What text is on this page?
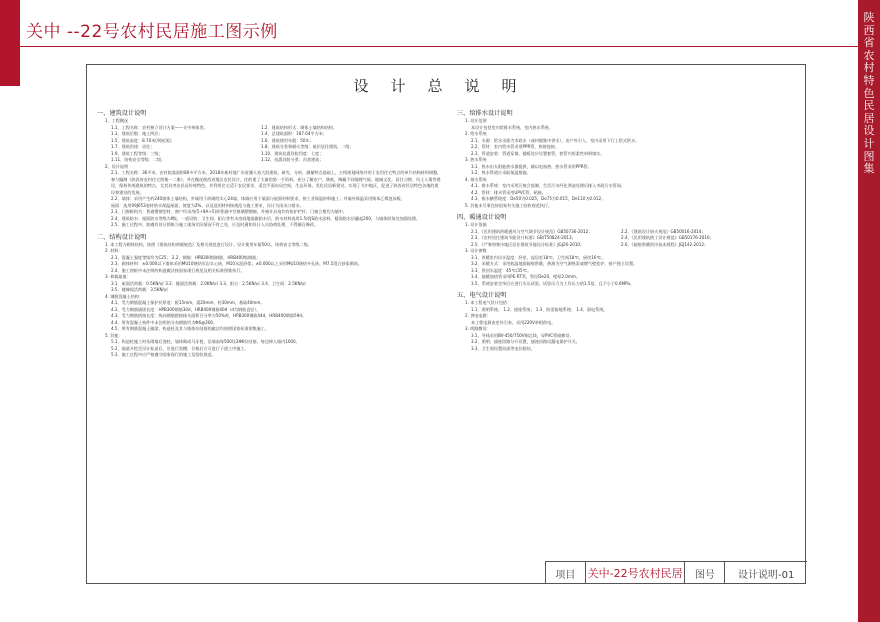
关中 --22号农村民居施工图示例
陕西省农村特色民居设计图集
设计总说明
一、建筑设计说明
1、工程概况
1.1、工程名称：农村独立设计方案——关中单体类；	1.2、建筑结构形式：砌体土墙结构结构；
1.3、建筑层数：地上两层；	1.4、总建筑面积：187.64平方米；
1.5、建筑高度：8.70米(到屋顶)；	1.6、建筑使用年限：50年；
1.7、建筑用途：居住；	1.8、建筑分类和耐火等级：低层居住建筑，二级；
1.9、建筑工程等级：三级；	1.10、建筑抗震设防烈度：七度；
1.11、结构安全等级：二级；	1.12、抗震设防分类：丙类建筑；
2、设计说明
2.1、工程名称：36平米。农村院落面积80多平方米，2018年新村地广东省潮人家大院建筑，研究，分析，测量特点基础上，主线规划网络并用于农用住宅特点的单片结构材料调整，参与编制《陕西省农村住宅图集一二册》，并在概况陕西省地区农民设计，住的重了大量的第一手资料，充分了解农户，降低，陶藏不同地理气候，地域文化，居住习惯，风土人情等建设，保持传统建筑的特点，尤其具突出民居传统特色，并利用住宅适于农民要求，适宜平面布局空间，生态环保，美化民居新建设，实现了关中地区，促进了陕西省民居特色各地的建设和建设的发展。
2.2、墙体：采用产生的240墙体土墙结构，外墙用于砖砌的实心24墙，体墙应用于墙面与屋面材料要求，按工业保温材料施工；外墙外保温采用聚苯乙烯泡沫板。
屋面：选用09J053卷材防水保温屋面，坡度为2%，以及选用材料按规范与施工要求，设计为雨水口排水。
2.3、门窗框料为：普通塑钢型材，窗户均采用(5+9A+5)厚普通中空玻璃塑钢窗，外窗开启扇均有防护栏杆，门窗立樘均为墙中。
2.4、建筑防水：屋面防水等级为Ⅱ级，一道设防；卫生间、阳台等有水房间地面做防水层，防水材料选用1.5厚JS防水涂料，楼面防水层翻起200，与墙体阴角处加强处理。
2.5、施工过程中，如遇有设计图纸与施工现场实际情况不符之处，应及时通知设计人员协商处理，不得擅自修改。
二、结构设计说明
1. 本工程为砌体结构，按照《建筑结构荷载规范》及相关规范进行设计。设计使用年限50年，结构安全等级二级。
2. 材料：
2.1、混凝土强度等级均为C25； 2.2、钢筋：HPB300级钢筋，HRB400级钢筋；
2.3、砌体材料：±0.000以下墙体采用MU10烧结页岩实心砖，M10水泥砂浆；±0.000以上采用MU10烧结多孔砖，M7.5混合砂浆砌筑。
2.4、施工图纸中未注明的构造做法按国家现行规范及相关标准图集执行。
3. 荷载取值：
3.1、屋面活荷载：0.5KN/㎡ 3.2、楼面活荷载：2.0KN/㎡ 3.3、阳台：2.5KN/㎡ 3.4、卫生间：2.5KN/㎡
3.5、楼梯间活荷载：3.5KN/㎡
4. 钢筋混凝土结构：
4.1、受力钢筋混凝土保护层厚度：板15mm，梁20mm，柱30mm，基础40mm。
4.2、受力钢筋锚固长度：HPB300钢筋30d，HRB400钢筋40d（d为钢筋直径）。
4.3、受力钢筋搭接长度：纵向钢筋搭接接头面积百分率为50%时，HPB300钢筋44d，HRB400钢筋59d。
4.4、所有混凝土构件中未注明的分布钢筋均为Φ6@200。
4.5、所有钢筋混凝土圈梁、构造柱及其与墙体拉结筋的做法均按照国家标准图集施工。
5. 其他：
5.1、构造柱施工时先砌墙后浇柱，墙体砌成马牙槎，沿墙高每500设2Φ6拉结筋，每边伸入墙内1000。
5.2、地基开挖至设计标高后，应进行验槽，合格后方可进行下道工序施工。
5.3、施工过程中应严格遵守国家现行的施工及验收规范。
三、给排水设计说明
1. 设计范围
本设计包括室内给排水系统，室内热水系统。
2. 给水系统
2.1、水源：给水水源为市政水（或村镇集中供水），由户外引入，室内采用下行上给式供水。
2.2、管材：室内给水管采用PPR管，热熔连接。
2.3、管道安装：管道穿墙、楼板处应设置套管，套管内用柔性材料填实。
3. 热水系统
3.1、热水由太阳能热水器提供，辅以电加热，热水管采用PPR管。
3.2、热水管道应采取保温措施。
4. 排水系统
4.1、排水系统：室内采用污废合流制，生活污水经化粪池处理后排入市政污水管网。
4.2、管材：排水管采用UPVC管，粘接。
4.3、排水横管坡度：De50为0.025，De75为0.015，De110为0.012。
5. 其他未尽事宜按国家有关施工验收规范执行。
四、暖通设计说明
1. 设计依据
2.1、《民用建筑供暖通风与空气调节设计规范》GB50736-2012；	2.2、《建筑设计防火规范》GB50016-2014；
2.3、《农村居住建筑节能设计标准》GB/T50824-2013；	2.4、《民用建筑热工设计规范》GB50176-2016；
2.5、《严寒和寒冷地区居住建筑节能设计标准》JGJ26-2010；	2.6、《辐射供暖供冷技术规程》JGJ142-2012；
3. 设计参数
3.1、供暖室内设计温度：卧室、起居室18℃，卫生间18℃，厨房16℃。
3.2、采暖方式：采用低温地面辐射供暖，热源为空气源热泵或燃气壁挂炉，按户独立设置。
3.3、供回水温度：45℃/35℃。
3.4、地暖加热管采用PE-RT管，管径De20，壁厚2.0mm。
3.5、系统安装完毕后应进行水压试验，试验压力为工作压力的1.5倍，且不小于0.6MPa。
五、电气设计说明
1. 本工程电气设计包括：
1.1、照明系统； 1.2、插座系统； 1.3、防雷接地系统； 1.4、弱电系统。
2. 供电电源：
本工程电源由室外引来，采用220V单相供电。
3. 线路敷设：
3.1、导线采用BV-450/750V铜芯线，穿PVC管暗敷设。
3.2、照明、插座回路分开设置，插座回路设漏电保护开关。
3.3、卫生间设置局部等电位联结。
项目	关中-22号农村民居	图号	设计说明-01
